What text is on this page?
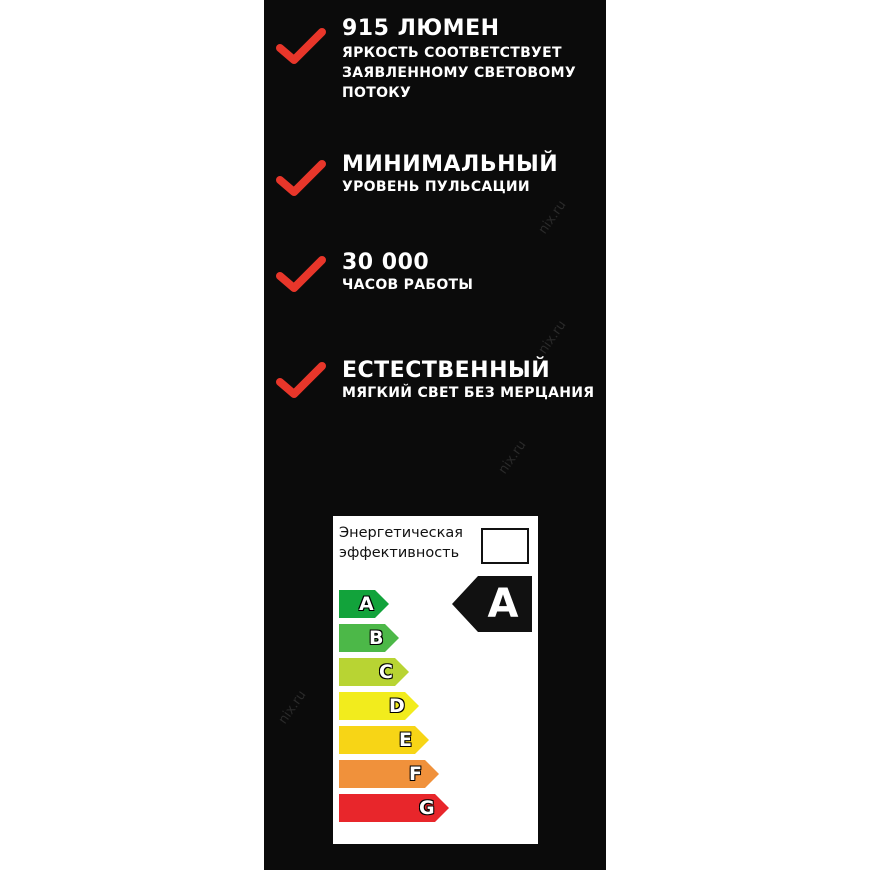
nix.ru
nix.ru
nix.ru
nix.ru
915 ЛЮМЕН
ЯРКОСТЬ СООТВЕТСТВУЕТ
ЗАЯВЛЕННОМУ СВЕТОВОМУ
ПОТОКУ
МИНИМАЛЬНЫЙ
УРОВЕНЬ ПУЛЬСАЦИИ
30 000
ЧАСОВ РАБОТЫ
ЕСТЕСТВЕННЫЙ
МЯГКИЙ СВЕТ БЕЗ МЕРЦАНИЯ
Энергетическая
эффективность
A
A
B
C
D
E
F
G
